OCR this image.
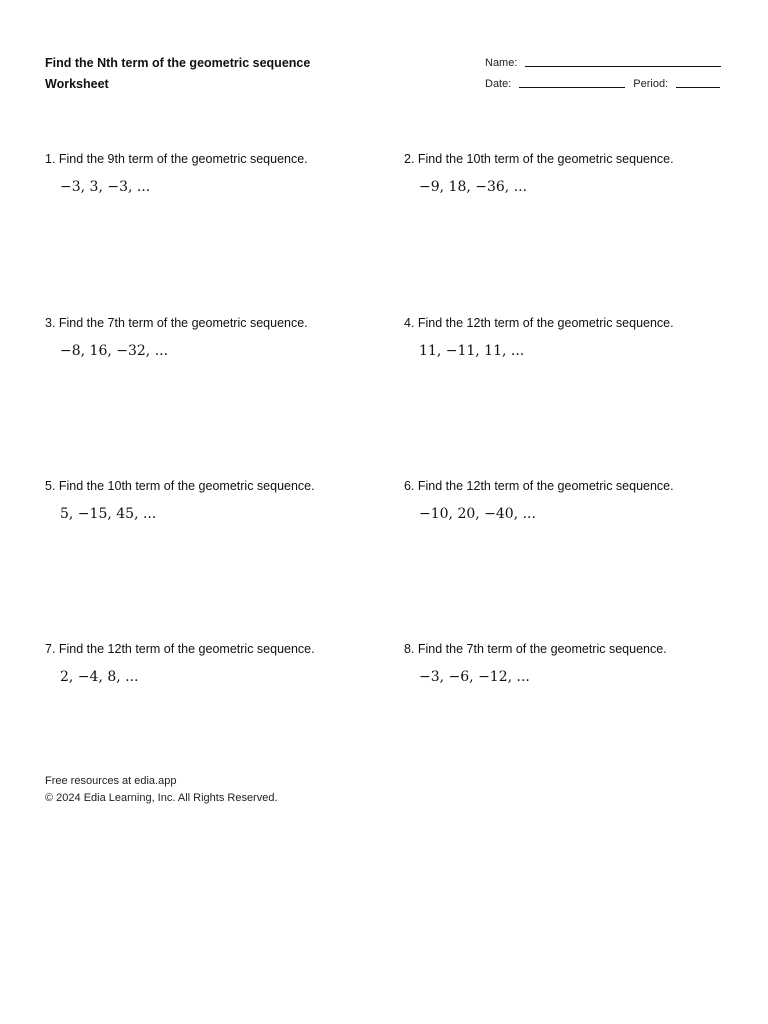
Find the Nth term of the geometric sequence
Worksheet
Name:
Date:	Period:
1. Find the 9th term of the geometric sequence.
−3, 3, −3, ...
2. Find the 10th term of the geometric sequence.
−9, 18, −36, ...
3. Find the 7th term of the geometric sequence.
−8, 16, −32, ...
4. Find the 12th term of the geometric sequence.
11, −11, 11, ...
5. Find the 10th term of the geometric sequence.
5, −15, 45, ...
6. Find the 12th term of the geometric sequence.
−10, 20, −40, ...
7. Find the 12th term of the geometric sequence.
2, −4, 8, ...
8. Find the 7th term of the geometric sequence.
−3, −6, −12, ...
Free resources at edia.app
© 2024 Edia Learning, Inc. All Rights Reserved.
